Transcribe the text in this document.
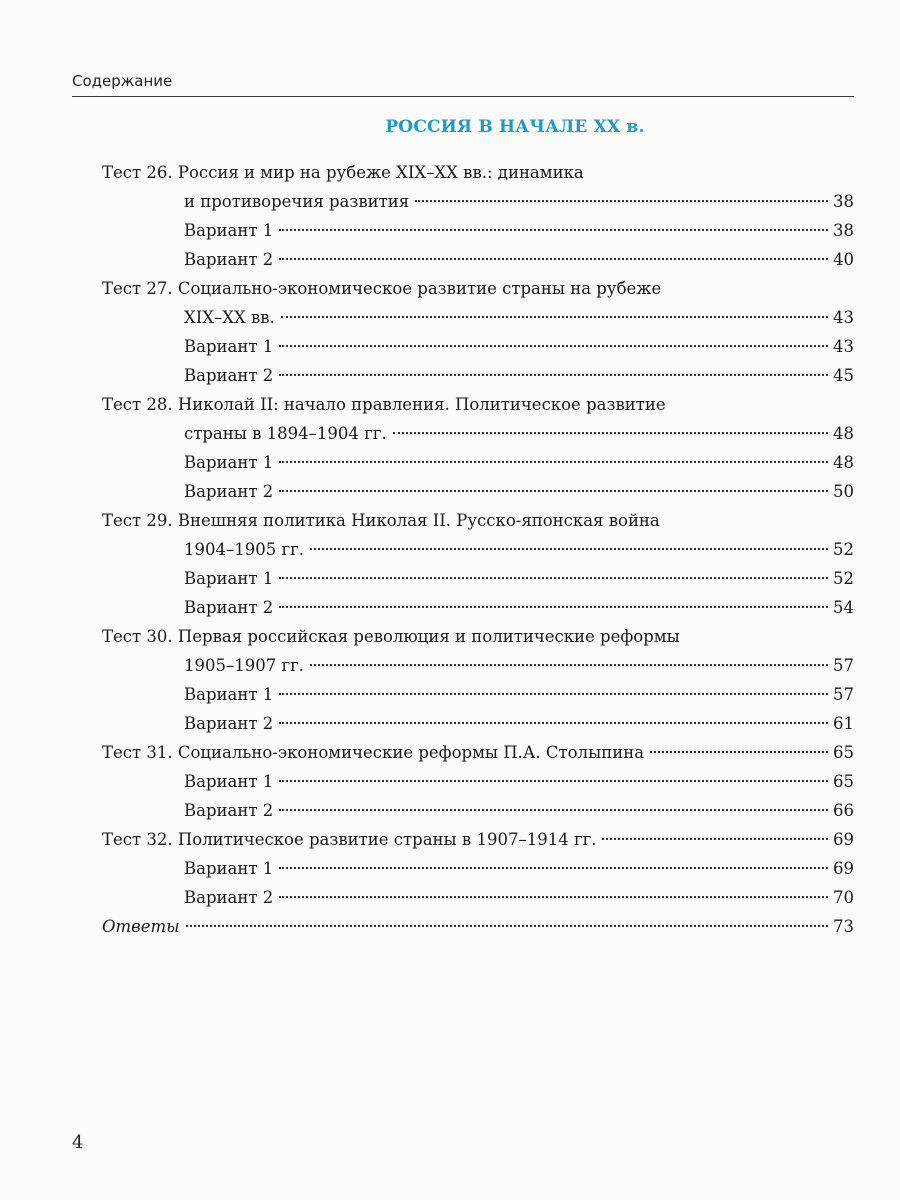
Содержание
РОССИЯ В НАЧАЛЕ XX в.
Тест 26. Россия и мир на рубеже XIX–XX вв.: динамика
и противоречия развития	38
Вариант 1	38
Вариант 2	40
Тест 27. Социально-экономическое развитие страны на рубеже
XIX–XX вв.	43
Вариант 1	43
Вариант 2	45
Тест 28. Николай II: начало правления. Политическое развитие
страны в 1894–1904 гг.	48
Вариант 1	48
Вариант 2	50
Тест 29. Внешняя политика Николая II. Русско-японская война
1904–1905 гг.	52
Вариант 1	52
Вариант 2	54
Тест 30. Первая российская революция и политические реформы
1905–1907 гг.	57
Вариант 1	57
Вариант 2	61
Тест 31. Социально-экономические реформы П.А. Столыпина	65
Вариант 1	65
Вариант 2	66
Тест 32. Политическое развитие страны в 1907–1914 гг.	69
Вариант 1	69
Вариант 2	70
Ответы	73
4
